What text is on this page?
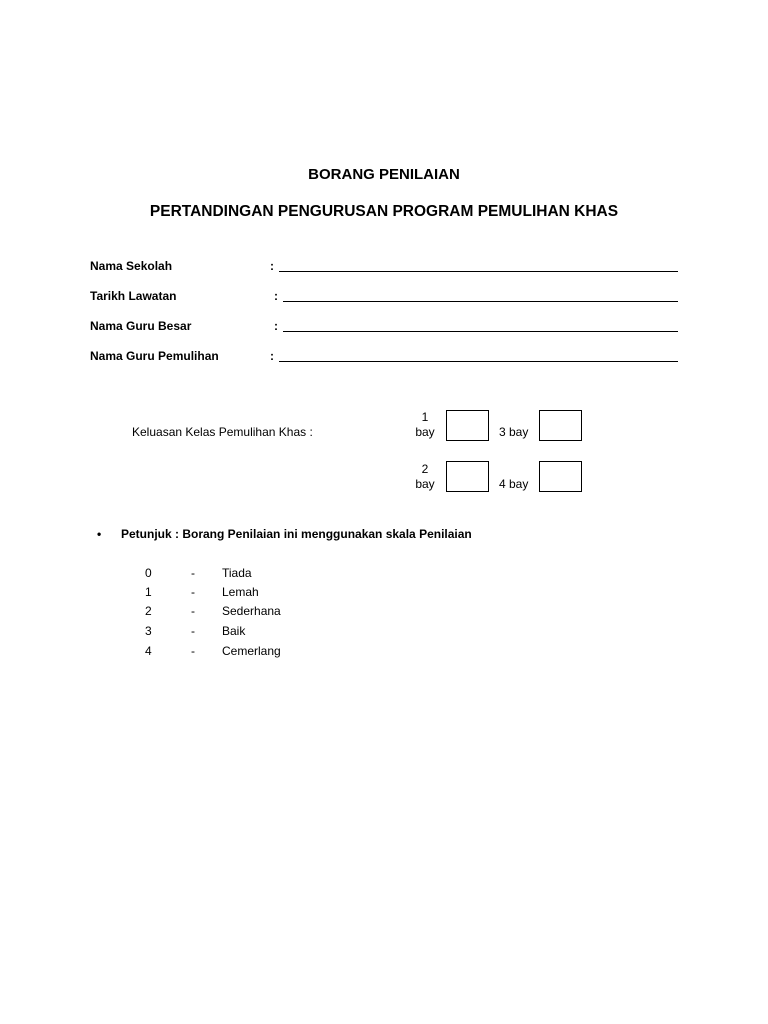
BORANG PENILAIAN
PERTANDINGAN PENGURUSAN PROGRAM PEMULIHAN KHAS
Nama Sekolah	:
Tarikh Lawatan	:
Nama Guru Besar	:
Nama Guru Pemulihan	:
Keluasan Kelas Pemulihan Khas :
1
bay	3 bay
2
bay	4 bay
• Petunjuk : Borang Penilaian ini menggunakan skala Penilaian
0	- Tiada
1	- Lemah
2	- Sederhana
3	- Baik
4	- Cemerlang
